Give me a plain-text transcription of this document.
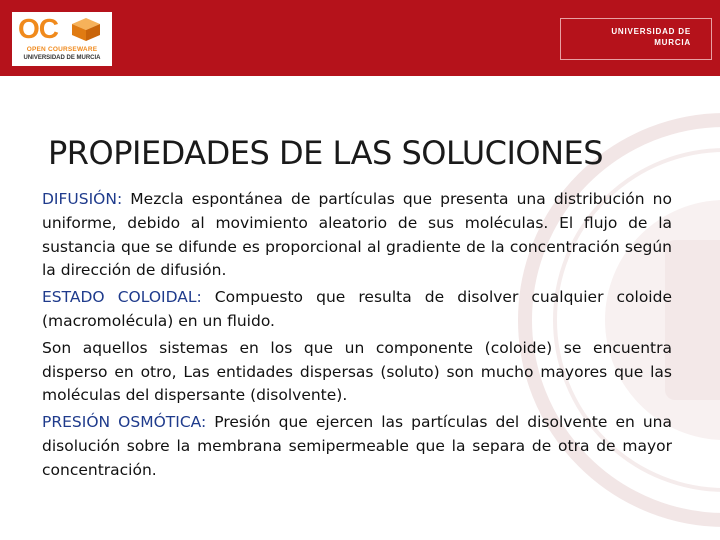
OC
OPEN COURSEWARE
UNIVERSIDAD DE MURCIA
UNIVERSIDAD DE
MURCIA
PROPIEDADES DE LAS SOLUCIONES

DIFUSIÓN: Mezcla espontánea de partículas que presenta una distribución no uniforme, debido al movimiento aleatorio de sus moléculas. El flujo de la sustancia que se difunde es proporcional al gradiente de la concentración según la dirección de difusión.

ESTADO COLOIDAL: Compuesto que resulta de disolver cualquier coloide  (macromolécula) en un fluido.

Son aquellos sistemas en los que un componente (coloide) se encuentra disperso en otro, Las entidades dispersas (soluto) son mucho mayores que las moléculas del dispersante (disolvente).

PRESIÓN OSMÓTICA: Presión que ejercen las partículas del disolvente en una disolución sobre la membrana semipermeable que la separa de otra de mayor concentración.
